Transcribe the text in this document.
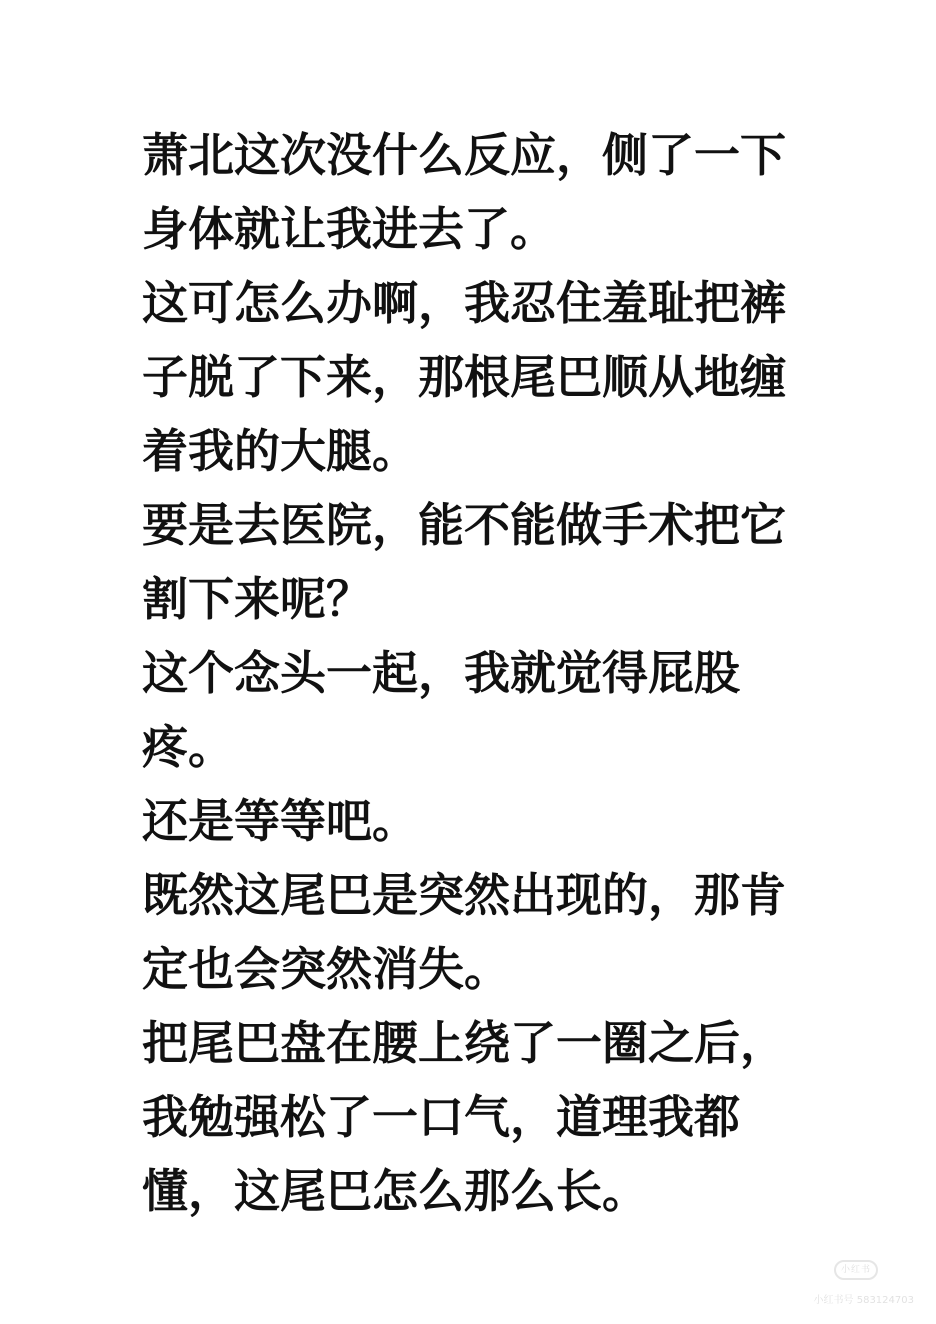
萧北这次没什么反应，侧了一下身体就让我进去了。

这可怎么办啊，我忍住羞耻把裤子脱了下来，那根尾巴顺从地缠着我的大腿。

要是去医院，能不能做手术把它割下来呢？

这个念头一起，我就觉得屁股疼。

还是等等吧。

既然这尾巴是突然出现的，那肯定也会突然消失。

把尾巴盘在腰上绕了一圈之后，我勉强松了一口气，道理我都懂，这尾巴怎么那么长。

小红书
小红书号 583124703
